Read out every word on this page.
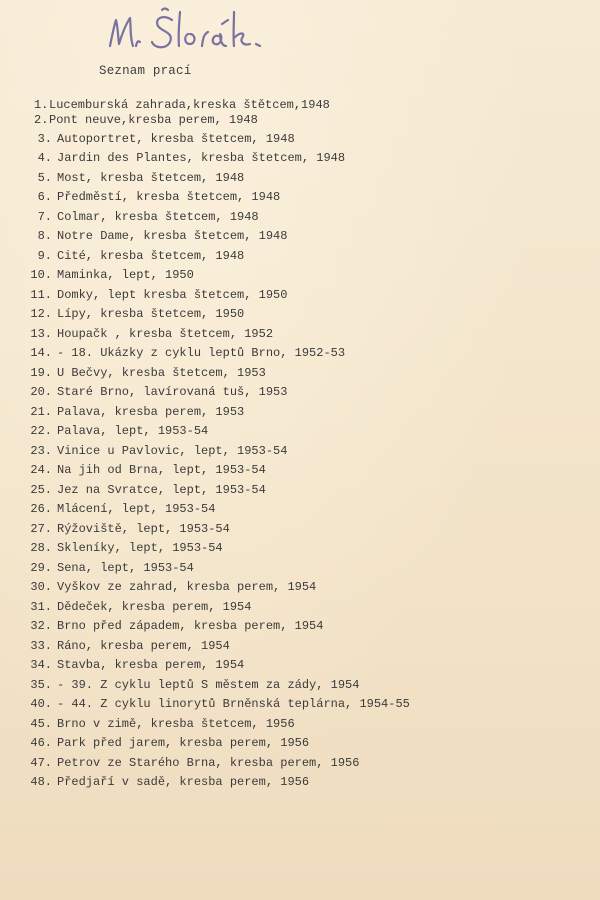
Seznam prací
1. Lucemburská zahrada,kreska štětcem,1948
2. Pont neuve,kresba perem, 1948
3. Autoportret, kresba štetcem, 1948
4. Jardin des Plantes, kresba štetcem, 1948
5. Most, kresba štetcem, 1948
6. Předměstí, kresba štetcem, 1948
7. Colmar, kresba štetcem, 1948
8. Notre Dame, kresba štetcem, 1948
9. Cité, kresba štetcem, 1948
10. Maminka, lept, 1950
11. Domky, lept kresba štetcem, 1950
12. Lípy, kresba štetcem, 1950
13. Houpačk , kresba štetcem, 1952
14. - 18. Ukázky z cyklu leptů Brno, 1952-53
19. U Bečvy, kresba štetcem, 1953
20. Staré Brno, lavírovaná tuš, 1953
21. Palava, kresba perem, 1953
22. Palava, lept, 1953-54
23. Vinice u Pavlovic, lept, 1953-54
24. Na jih od Brna, lept, 1953-54
25. Jez na Svratce, lept, 1953-54
26. Mlácení, lept, 1953-54
27. Rýžoviště, lept, 1953-54
28. Skleníky, lept, 1953-54
29. Sena, lept, 1953-54
30. Vyškov ze zahrad, kresba perem, 1954
31. Dědeček, kresba perem, 1954
32. Brno před západem, kresba perem, 1954
33. Ráno, kresba perem, 1954
34. Stavba, kresba perem, 1954
35. - 39. Z cyklu leptů S městem za zády, 1954
40. - 44. Z cyklu linorytů Brněnská teplárna, 1954-55
45. Brno v zimě, kresba štetcem, 1956
46. Park před jarem, kresba perem, 1956
47. Petrov ze Starého Brna, kresba perem, 1956
48. Předjaří v sadě, kresba perem, 1956
